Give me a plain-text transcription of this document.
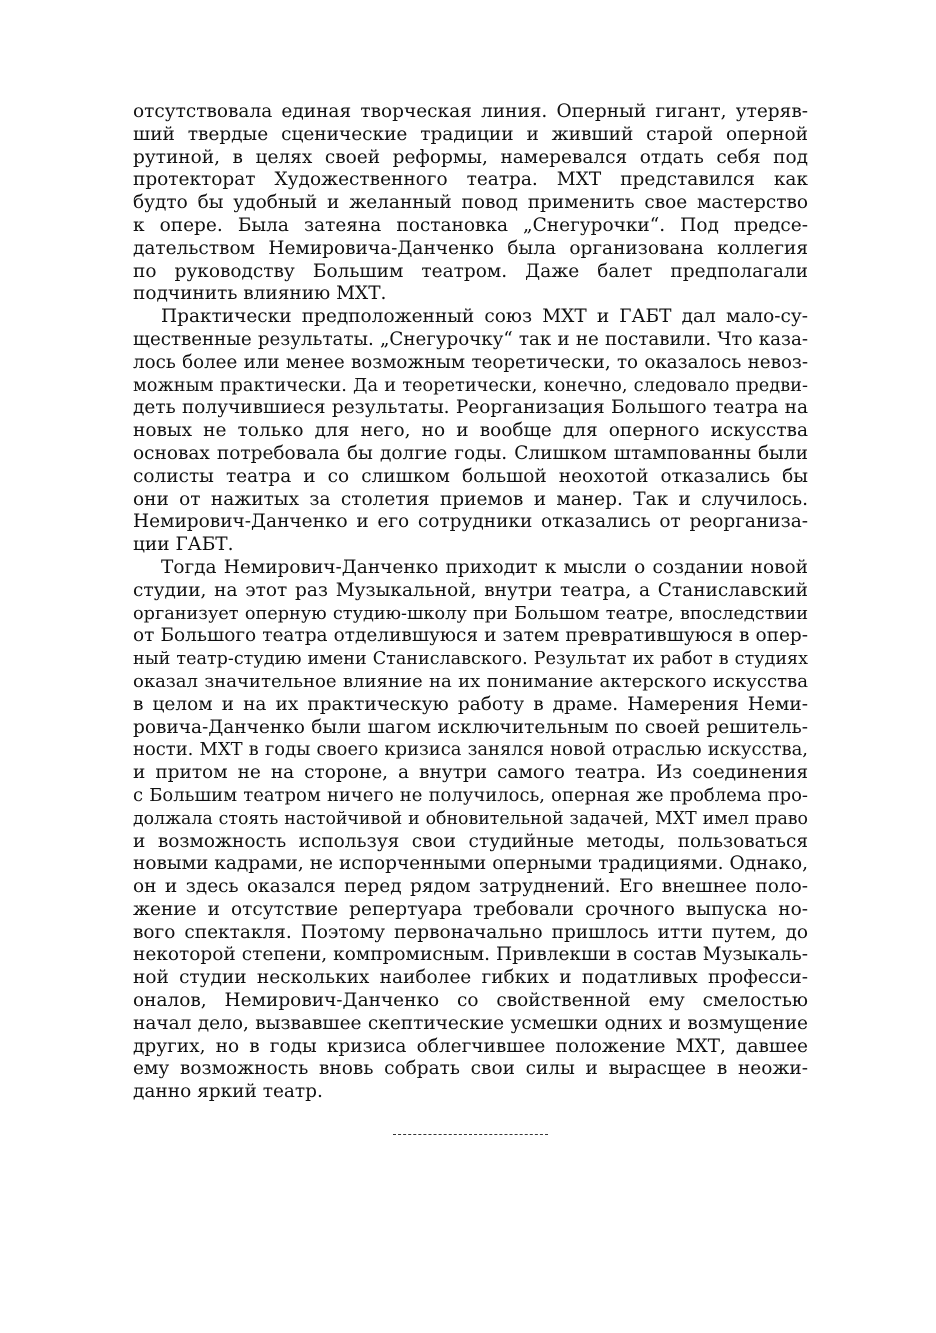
отсутствовала единая творческая линия. Оперный гигант, утеряв-
ший твердые сценические традиции и живший старой оперной
рутиной, в целях своей реформы, намеревался отдать себя под
протекторат Художественного театра. МХТ представился как
будто бы удобный и желанный повод применить свое мастерство
к опере. Была затеяна постановка „Снегурочки“. Под предсе-
дательством Немировича-Данченко была организована коллегия
по руководству Большим театром. Даже балет предполагали
подчинить влиянию МХТ.
Практически предположенный союз МХТ и ГАБТ дал мало-су-
щественные результаты. „Снегурочку“ так и не поставили. Что каза-
лось более или менее возможным теоретически, то оказалось невоз-
можным практически. Да и теоретически, конечно, следовало предви-
деть получившиеся результаты. Реорганизация Большого театра на
новых не только для него, но и вообще для оперного искусства
основах потребовала бы долгие годы. Слишком штампованны были
солисты театра и со слишком большой неохотой отказались бы
они от нажитых за столетия приемов и манер. Так и случилось.
Немирович-Данченко и его сотрудники отказались от реорганиза-
ции ГАБТ.
Тогда Немирович-Данченко приходит к мысли о создании новой
студии, на этот раз Музыкальной, внутри театра, а Станиславский
организует оперную студию-школу при Большом театре, впоследствии
от Большого театра отделившуюся и затем превратившуюся в опер-
ный театр-студию имени Станиславского. Результат их работ в студиях
оказал значительное влияние на их понимание актерского искусства
в целом и на их практическую работу в драме. Намерения Неми-
ровича-Данченко были шагом исключительным по своей решитель-
ности. МХТ в годы своего кризиса занялся новой отраслью искусства,
и притом не на стороне, а внутри самого театра. Из соединения
с Большим театром ничего не получилось, оперная же проблема про-
должала стоять настойчивой и обновительной задачей, МХТ имел право
и возможность используя свои студийные методы, пользоваться
новыми кадрами, не испорченными оперными традициями. Однако,
он и здесь оказался перед рядом затруднений. Его внешнее поло-
жение и отсутствие репертуара требовали срочного выпуска но-
вого спектакля. Поэтому первоначально пришлось итти путем, до
некоторой степени, компромисным. Привлекши в состав Музыкаль-
ной студии нескольких наиболее гибких и податливых професси-
оналов, Немирович-Данченко со свойственной ему смелостью
начал дело, вызвавшее скептические усмешки одних и возмущение
других, но в годы кризиса облегчившее положение МХТ, давшее
ему возможность вновь собрать свои силы и вырасщее в неожи-
данно яркий театр.
